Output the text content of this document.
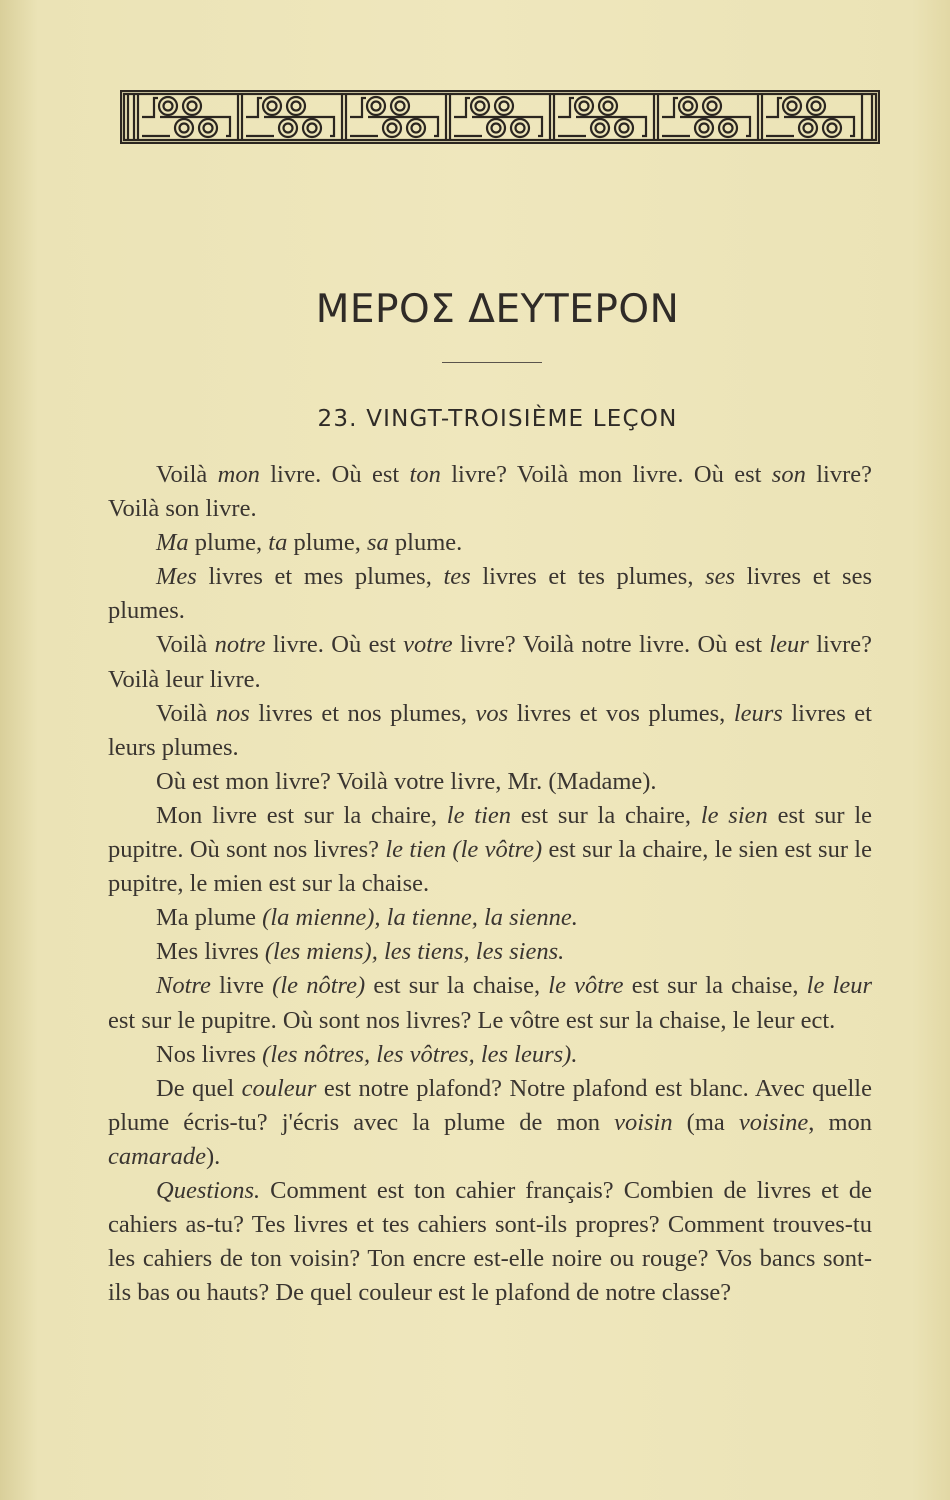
ΜΕΡΟΣ ΔΕΥΤΕΡΟΝ
23. VINGT-TROISIÈME LEÇON

Voilà mon livre. Où est ton livre? Voilà mon livre. Où est son livre? Voilà son livre.

Ma plume, ta plume, sa plume.

Mes livres et mes plumes, tes livres et tes plumes, ses livres et ses plumes.

Voilà notre livre. Où est votre livre? Voilà notre livre. Où est leur livre? Voilà leur livre.

Voilà nos livres et nos plumes, vos livres et vos plumes, leurs livres et leurs plumes.

Où est mon livre? Voilà votre livre, Mr. (Madame).

Mon livre est sur la chaire, le tien est sur la chaire, le sien est sur le pupitre. Où sont nos livres? le tien (le vôtre) est sur la chaire, le sien est sur le pupitre, le mien est sur la chaise.

Ma plume (la mienne), la tienne, la sienne.

Mes livres (les miens), les tiens, les siens.

Notre livre (le nôtre) est sur la chaise, le vôtre est sur la chaise, le leur est sur le pupitre. Où sont nos livres? Le vôtre est sur la chaise, le leur ect.

Nos livres (les nôtres, les vôtres, les leurs).

De quel couleur est notre plafond? Notre plafond est blanc. Avec quelle plume écris-tu? j'écris avec la plume de mon voisin (ma voisine, mon camarade).

Questions. Comment est ton cahier français? Combien de livres et de cahiers as-tu? Tes livres et tes cahiers sont-ils propres? Comment trouves-tu les cahiers de ton voisin? Ton encre est-elle noire ou rouge? Vos bancs sont-ils bas ou hauts? De quel couleur est le plafond de notre classe?
